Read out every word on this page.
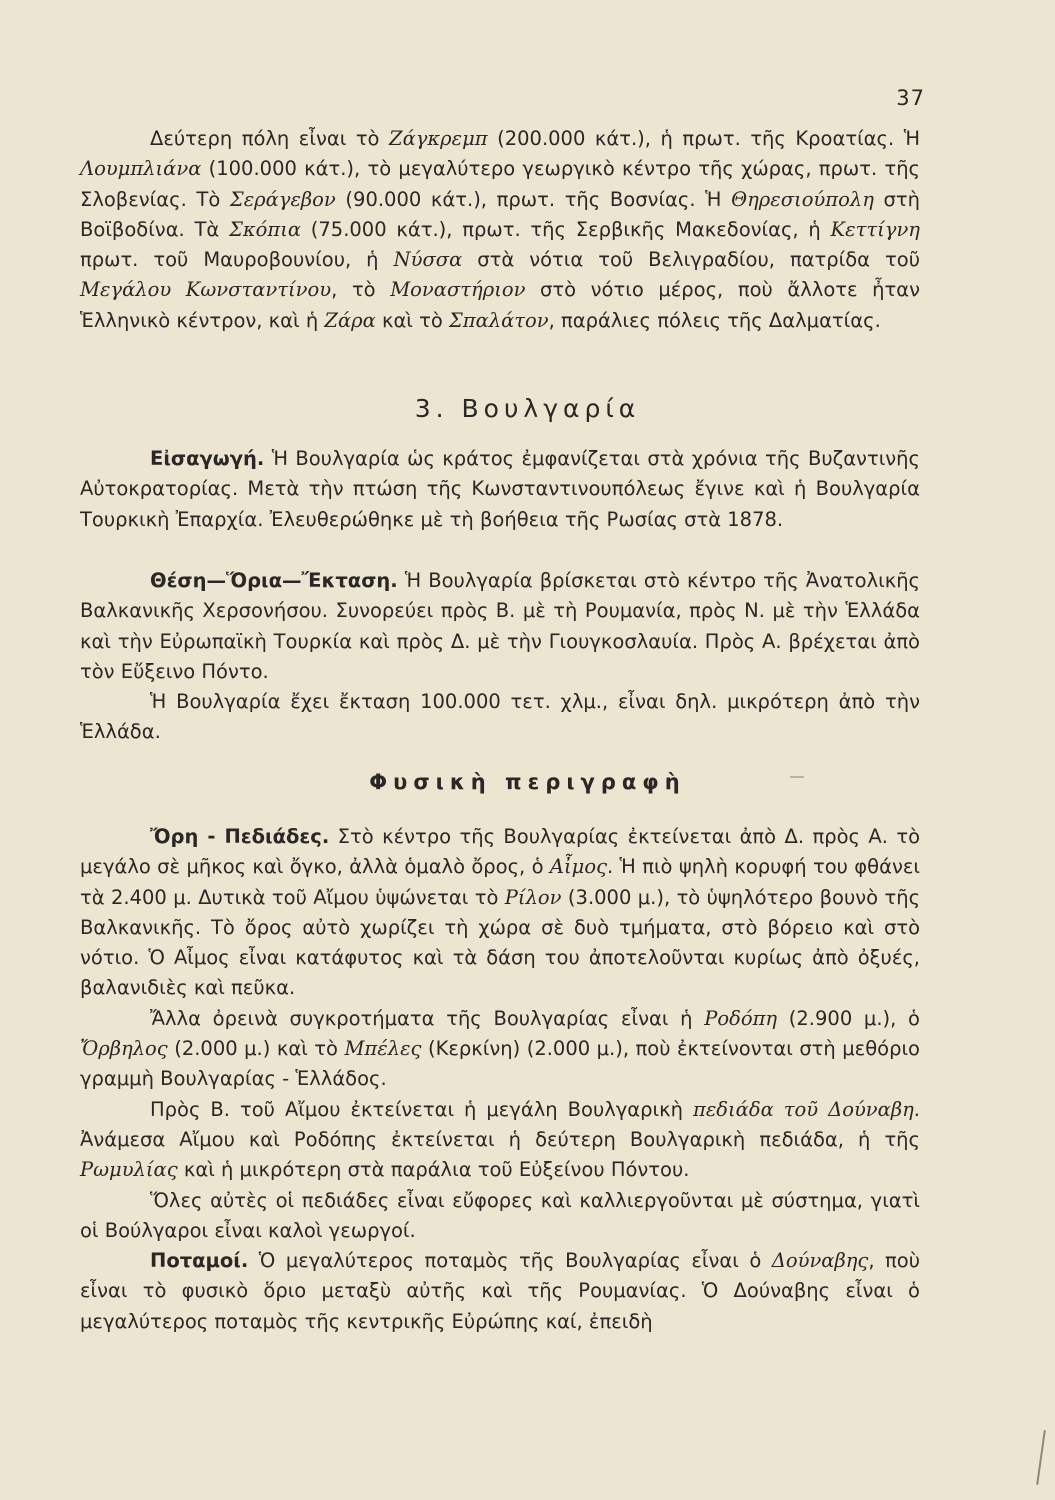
37

Δεύτερη πόλη εἶναι τὸ Ζάγκρεμπ (200.000 κάτ.), ἡ πρωτ. τῆς Κροατίας. Ἡ Λουμπλιάνα (100.000 κάτ.), τὸ μεγαλύτερο γεωργικὸ κέντρο τῆς χώρας, πρωτ. τῆς Σλοβενίας. Τὸ Σεράγεβον (90.000 κάτ.), πρωτ. τῆς Βοσνίας. Ἡ Θηρεσιούπολη στὴ Βοϊβοδίνα. Τὰ Σκόπια (75.000 κάτ.), πρωτ. τῆς Σερβικῆς Μακεδονίας, ἡ Κεττίγνη πρωτ. τοῦ Μαυροβουνίου, ἡ Νύσσα στὰ νότια τοῦ Βελιγραδίου, πατρίδα τοῦ Μεγάλου Κωνσταντίνου, τὸ Μοναστήριον στὸ νότιο μέρος, ποὺ ἄλλοτε ἦταν Ἑλληνικὸ κέντρον, καὶ ἡ Ζάρα καὶ τὸ Σπαλάτον, παράλιες πόλεις τῆς Δαλματίας.

3. Βουλγαρία

Εἰσαγωγή. Ἡ Βουλγαρία ὡς κράτος ἐμφανίζεται στὰ χρόνια τῆς Βυζαντινῆς Αὐτοκρατορίας. Μετὰ τὴν πτώση τῆς Κωνσταντινουπόλεως ἔγινε καὶ ἡ Βουλγαρία Τουρκικὴ Ἐπαρχία. Ἐλευθερώθηκε μὲ τὴ βοήθεια τῆς Ρωσίας στὰ 1878.

Θέση—Ὅρια—Ἔκταση. Ἡ Βουλγαρία βρίσκεται στὸ κέντρο τῆς Ἀνατολικῆς Βαλκανικῆς Χερσονήσου. Συνορεύει πρὸς Β. μὲ τὴ Ρουμανία, πρὸς Ν. μὲ τὴν Ἑλλάδα καὶ τὴν Εὐρωπαϊκὴ Τουρκία καὶ πρὸς Δ. μὲ τὴν Γιουγκοσλαυία. Πρὸς Α. βρέχεται ἀπὸ τὸν Εὔξεινο Πόντο.

Ἡ Βουλγαρία ἔχει ἔκταση 100.000 τετ. χλμ., εἶναι δηλ. μικρότερη ἀπὸ τὴν Ἑλλάδα.

Φυσικὴ περιγραφὴ

Ὄρη - Πεδιάδες. Στὸ κέντρο τῆς Βουλγαρίας ἐκτείνεται ἀπὸ Δ. πρὸς Α. τὸ μεγάλο σὲ μῆκος καὶ ὄγκο, ἀλλὰ ὁμαλὸ ὄρος, ὁ Αἶμος. Ἡ πιὸ ψηλὴ κορυφή του φθάνει τὰ 2.400 μ. Δυτικὰ τοῦ Αἴμου ὑψώνεται τὸ Ρίλον (3.000 μ.), τὸ ὑψηλότερο βουνὸ τῆς Βαλκανικῆς. Τὸ ὄρος αὐτὸ χωρίζει τὴ χώρα σὲ δυὸ τμήματα, στὸ βόρειο καὶ στὸ νότιο. Ὁ Αἶμος εἶναι κατάφυτος καὶ τὰ δάση του ἀποτελοῦνται κυρίως ἀπὸ ὀξυές, βαλανιδιὲς καὶ πεῦκα.

Ἄλλα ὀρεινὰ συγκροτήματα τῆς Βουλγαρίας εἶναι ἡ Ροδόπη (2.900 μ.), ὁ Ὄρβηλος (2.000 μ.) καὶ τὸ Μπέλες (Κερκίνη) (2.000 μ.), ποὺ ἐκτείνονται στὴ μεθόριο γραμμὴ Βουλγαρίας - Ἑλλάδος.

Πρὸς Β. τοῦ Αἴμου ἐκτείνεται ἡ μεγάλη Βουλγαρικὴ πεδιάδα τοῦ Δούναβη. Ἀνάμεσα Αἴμου καὶ Ροδόπης ἐκτείνεται ἡ δεύτερη Βουλγαρικὴ πεδιάδα, ἡ τῆς Ρωμυλίας καὶ ἡ μικρότερη στὰ παράλια τοῦ Εὐξείνου Πόντου.

Ὅλες αὐτὲς οἱ πεδιάδες εἶναι εὔφορες καὶ καλλιεργοῦνται μὲ σύστημα, γιατὶ οἱ Βούλγαροι εἶναι καλοὶ γεωργοί.

Ποταμοί. Ὁ μεγαλύτερος ποταμὸς τῆς Βουλγαρίας εἶναι ὁ Δούναβης, ποὺ εἶναι τὸ φυσικὸ ὅριο μεταξὺ αὐτῆς καὶ τῆς Ρουμανίας. Ὁ Δούναβης εἶναι ὁ μεγαλύτερος ποταμὸς τῆς κεντρικῆς Εὐρώπης καί, ἐπειδὴ
